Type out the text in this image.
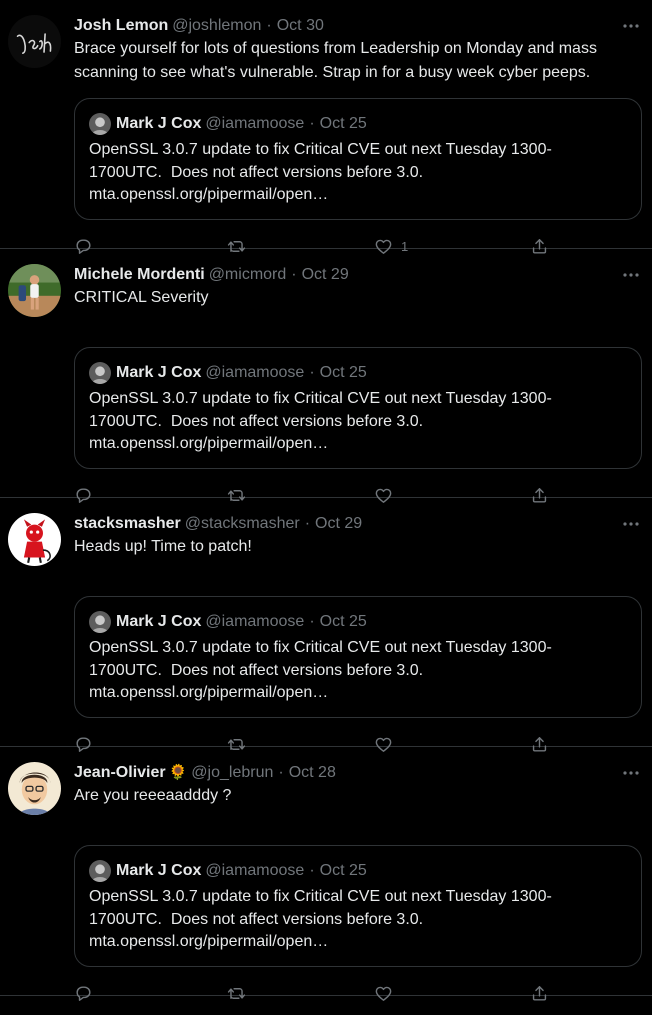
Josh Lemon @joshlemon · Oct 30
Brace yourself for lots of questions from Leadership on Monday and mass scanning to see what's vulnerable. Strap in for a busy week cyber peeps.
Mark J Cox @iamamoose · Oct 25
OpenSSL 3.0.7 update to fix Critical CVE out next Tuesday 1300-
1700UTC.  Does not affect versions before 3.0.
mta.openssl.org/pipermail/open…
1
Michele Mordenti @micmord · Oct 29
CRITICAL Severity
Mark J Cox @iamamoose · Oct 25
OpenSSL 3.0.7 update to fix Critical CVE out next Tuesday 1300-
1700UTC.  Does not affect versions before 3.0.
mta.openssl.org/pipermail/open…
stacksmasher @stacksmasher · Oct 29
Heads up! Time to patch!
Mark J Cox @iamamoose · Oct 25
OpenSSL 3.0.7 update to fix Critical CVE out next Tuesday 1300-
1700UTC.  Does not affect versions before 3.0.
mta.openssl.org/pipermail/open…
Jean-Olivier 🌻 @jo_lebrun · Oct 28
Are you reeeaadddy ?
Mark J Cox @iamamoose · Oct 25
OpenSSL 3.0.7 update to fix Critical CVE out next Tuesday 1300-
1700UTC.  Does not affect versions before 3.0.
mta.openssl.org/pipermail/open…
